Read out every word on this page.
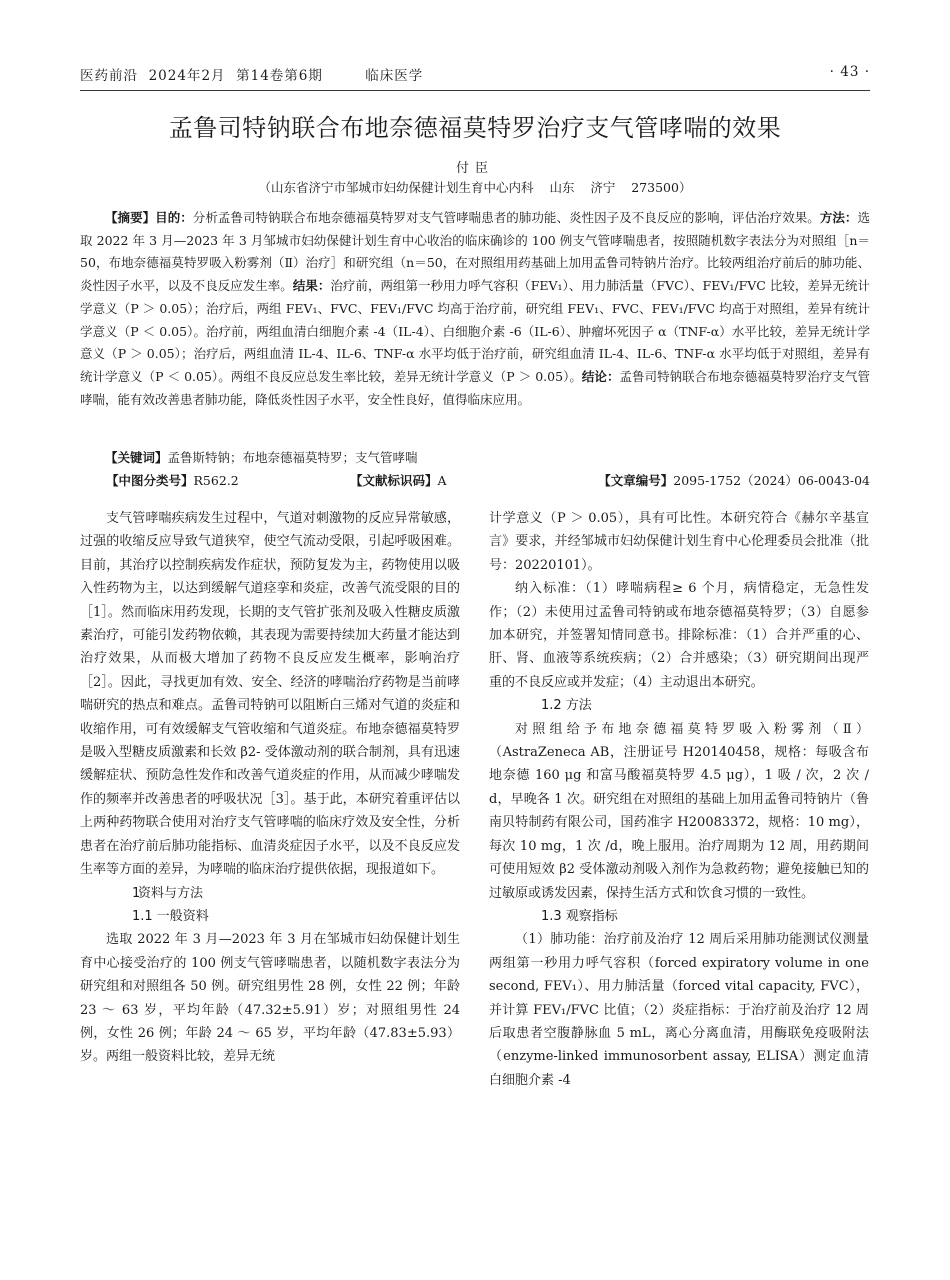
医药前沿  2024年2月  第14卷第6期        临床医学	· 43 ·
孟鲁司特钠联合布地奈德福莫特罗治疗支气管哮喘的效果
付臣
（山东省济宁市邹城市妇幼保健计划生育中心内科    山东    济宁    273500）

【摘要】目的：分析孟鲁司特钠联合布地奈德福莫特罗对支气管哮喘患者的肺功能、炎性因子及不良反应的影响，评估治疗效果。方法：选取 2022 年 3 月—2023 年 3 月邹城市妇幼保健计划生育中心收治的临床确诊的 100 例支气管哮喘患者，按照随机数字表法分为对照组［n＝50，布地奈德福莫特罗吸入粉雾剂（Ⅱ）治疗］和研究组（n＝50，在对照组用药基础上加用孟鲁司特钠片治疗。比较两组治疗前后的肺功能、炎性因子水平，以及不良反应发生率。结果：治疗前，两组第一秒用力呼气容积（FEV₁）、用力肺活量（FVC）、FEV₁/FVC 比较，差异无统计学意义（P ＞ 0.05）；治疗后，两组 FEV₁、FVC、FEV₁/FVC 均高于治疗前，研究组 FEV₁、FVC、FEV₁/FVC 均高于对照组，差异有统计学意义（P ＜ 0.05）。治疗前，两组血清白细胞介素 -4（IL-4）、白细胞介素 -6（IL-6）、肿瘤坏死因子 α（TNF-α）水平比较，差异无统计学意义（P ＞ 0.05）；治疗后，两组血清 IL-4、IL-6、TNF-α 水平均低于治疗前，研究组血清 IL-4、IL-6、TNF-α 水平均低于对照组，差异有统计学意义（P ＜ 0.05）。两组不良反应总发生率比较，差异无统计学意义（P ＞ 0.05）。结论：孟鲁司特钠联合布地奈德福莫特罗治疗支气管哮喘，能有效改善患者肺功能，降低炎性因子水平，安全性良好，值得临床应用。

【关键词】孟鲁斯特钠；布地奈德福莫特罗；支气管哮喘

【中图分类号】R562.2	【文献标识码】A	【文章编号】2095-1752（2024）06-0043-04

支气管哮喘疾病发生过程中，气道对刺激物的反应异常敏感，过强的收缩反应导致气道狭窄，使空气流动受限，引起呼吸困难。目前，其治疗以控制疾病发作症状，预防复发为主，药物使用以吸入性药物为主，以达到缓解气道痉挛和炎症，改善气流受限的目的［1］。然而临床用药发现，长期的支气管扩张剂及吸入性糖皮质激素治疗，可能引发药物依赖，其表现为需要持续加大药量才能达到治疗效果，从而极大增加了药物不良反应发生概率，影响治疗［2］。因此，寻找更加有效、安全、经济的哮喘治疗药物是当前哮喘研究的热点和难点。孟鲁司特钠可以阻断白三烯对气道的炎症和收缩作用，可有效缓解支气管收缩和气道炎症。布地奈德福莫特罗是吸入型糖皮质激素和长效 β2- 受体激动剂的联合制剂，具有迅速缓解症状、预防急性发作和改善气道炎症的作用，从而减少哮喘发作的频率并改善患者的呼吸状况［3］。基于此，本研究着重评估以上两种药物联合使用对治疗支气管哮喘的临床疗效及安全性，分析患者在治疗前后肺功能指标、血清炎症因子水平，以及不良反应发生率等方面的差异，为哮喘的临床治疗提供依据，现报道如下。

1资料与方法

1.1 一般资料

选取 2022 年 3 月—2023 年 3 月在邹城市妇幼保健计划生育中心接受治疗的 100 例支气管哮喘患者，以随机数字表法分为研究组和对照组各 50 例。研究组男性 28 例，女性 22 例；年龄 23 ～ 63 岁，平均年龄（47.32±5.91）岁；对照组男性 24 例，女性 26 例；年龄 24 ～ 65 岁，平均年龄（47.83±5.93）岁。两组一般资料比较，差异无统

计学意义（P ＞ 0.05），具有可比性。本研究符合《赫尔辛基宣言》要求，并经邹城市妇幼保健计划生育中心伦理委员会批准（批号：20220101）。

纳入标准：（1）哮喘病程≥ 6 个月，病情稳定，无急性发作；（2）未使用过孟鲁司特钠或布地奈德福莫特罗；（3）自愿参加本研究，并签署知情同意书。排除标准：（1）合并严重的心、肝、肾、血液等系统疾病；（2）合并感染；（3）研究期间出现严重的不良反应或并发症；（4）主动退出本研究。

1.2 方法

对照组给予布地奈德福莫特罗吸入粉雾剂（Ⅱ）（AstraZeneca AB，注册证号 H20140458，规格：每吸含布地奈德 160 μg 和富马酸福莫特罗 4.5 μg），1 吸 / 次，2 次 / d，早晚各 1 次。研究组在对照组的基础上加用孟鲁司特钠片（鲁南贝特制药有限公司，国药准字 H20083372，规格：10 mg），每次 10 mg，1 次 /d，晚上服用。治疗周期为 12 周，用药期间可使用短效 β2 受体激动剂吸入剂作为急救药物；避免接触已知的过敏原或诱发因素，保持生活方式和饮食习惯的一致性。

1.3 观察指标

（1）肺功能：治疗前及治疗 12 周后采用肺功能测试仪测量两组第一秒用力呼气容积（forced expiratory volume in one second, FEV₁）、用力肺活量（forced vital capacity, FVC），并计算 FEV₁/FVC 比值；（2）炎症指标：于治疗前及治疗 12 周后取患者空腹静脉血 5 mL，离心分离血清，用酶联免疫吸附法（enzyme-linked immunosorbent assay, ELISA）测定血清白细胞介素 -4
